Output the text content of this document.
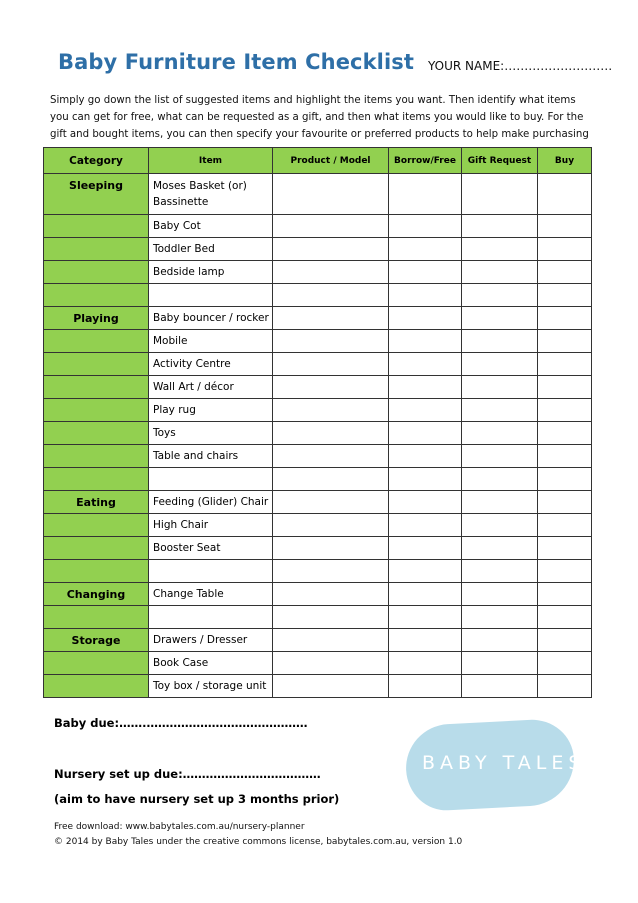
Baby Furniture Item Checklist YOUR NAME:………………………
Simply go down the list of suggested items and highlight the items you want. Then identify what items you can get for free, what can be requested as a gift, and then what items you would like to buy. For the gift and bought items, you can then specify your favourite or preferred products to help make purchasing
Category	Item	Product / Model	Borrow/Free	Gift Request	Buy
Sleeping	Moses Basket (or) Bassinette				
	Baby Cot				
	Toddler Bed				
	Bedside lamp				

Playing	Baby bouncer / rocker				
	Mobile				
	Activity Centre				
	Wall Art / décor				
	Play rug				
	Toys				
	Table and chairs				

Eating	Feeding (Glider) Chair				
	High Chair				
	Booster Seat				

Changing	Change Table				

Storage	Drawers / Dresser				
	Book Case				
	Toy box / storage unit				
Baby due:…….……………………………………
Nursery set up due:………………………………
(aim to have nursery set up 3 months prior)
BABY TALES
Free download: www.babytales.com.au/nursery-planner
© 2014 by Baby Tales under the creative commons license, babytales.com.au, version 1.0
